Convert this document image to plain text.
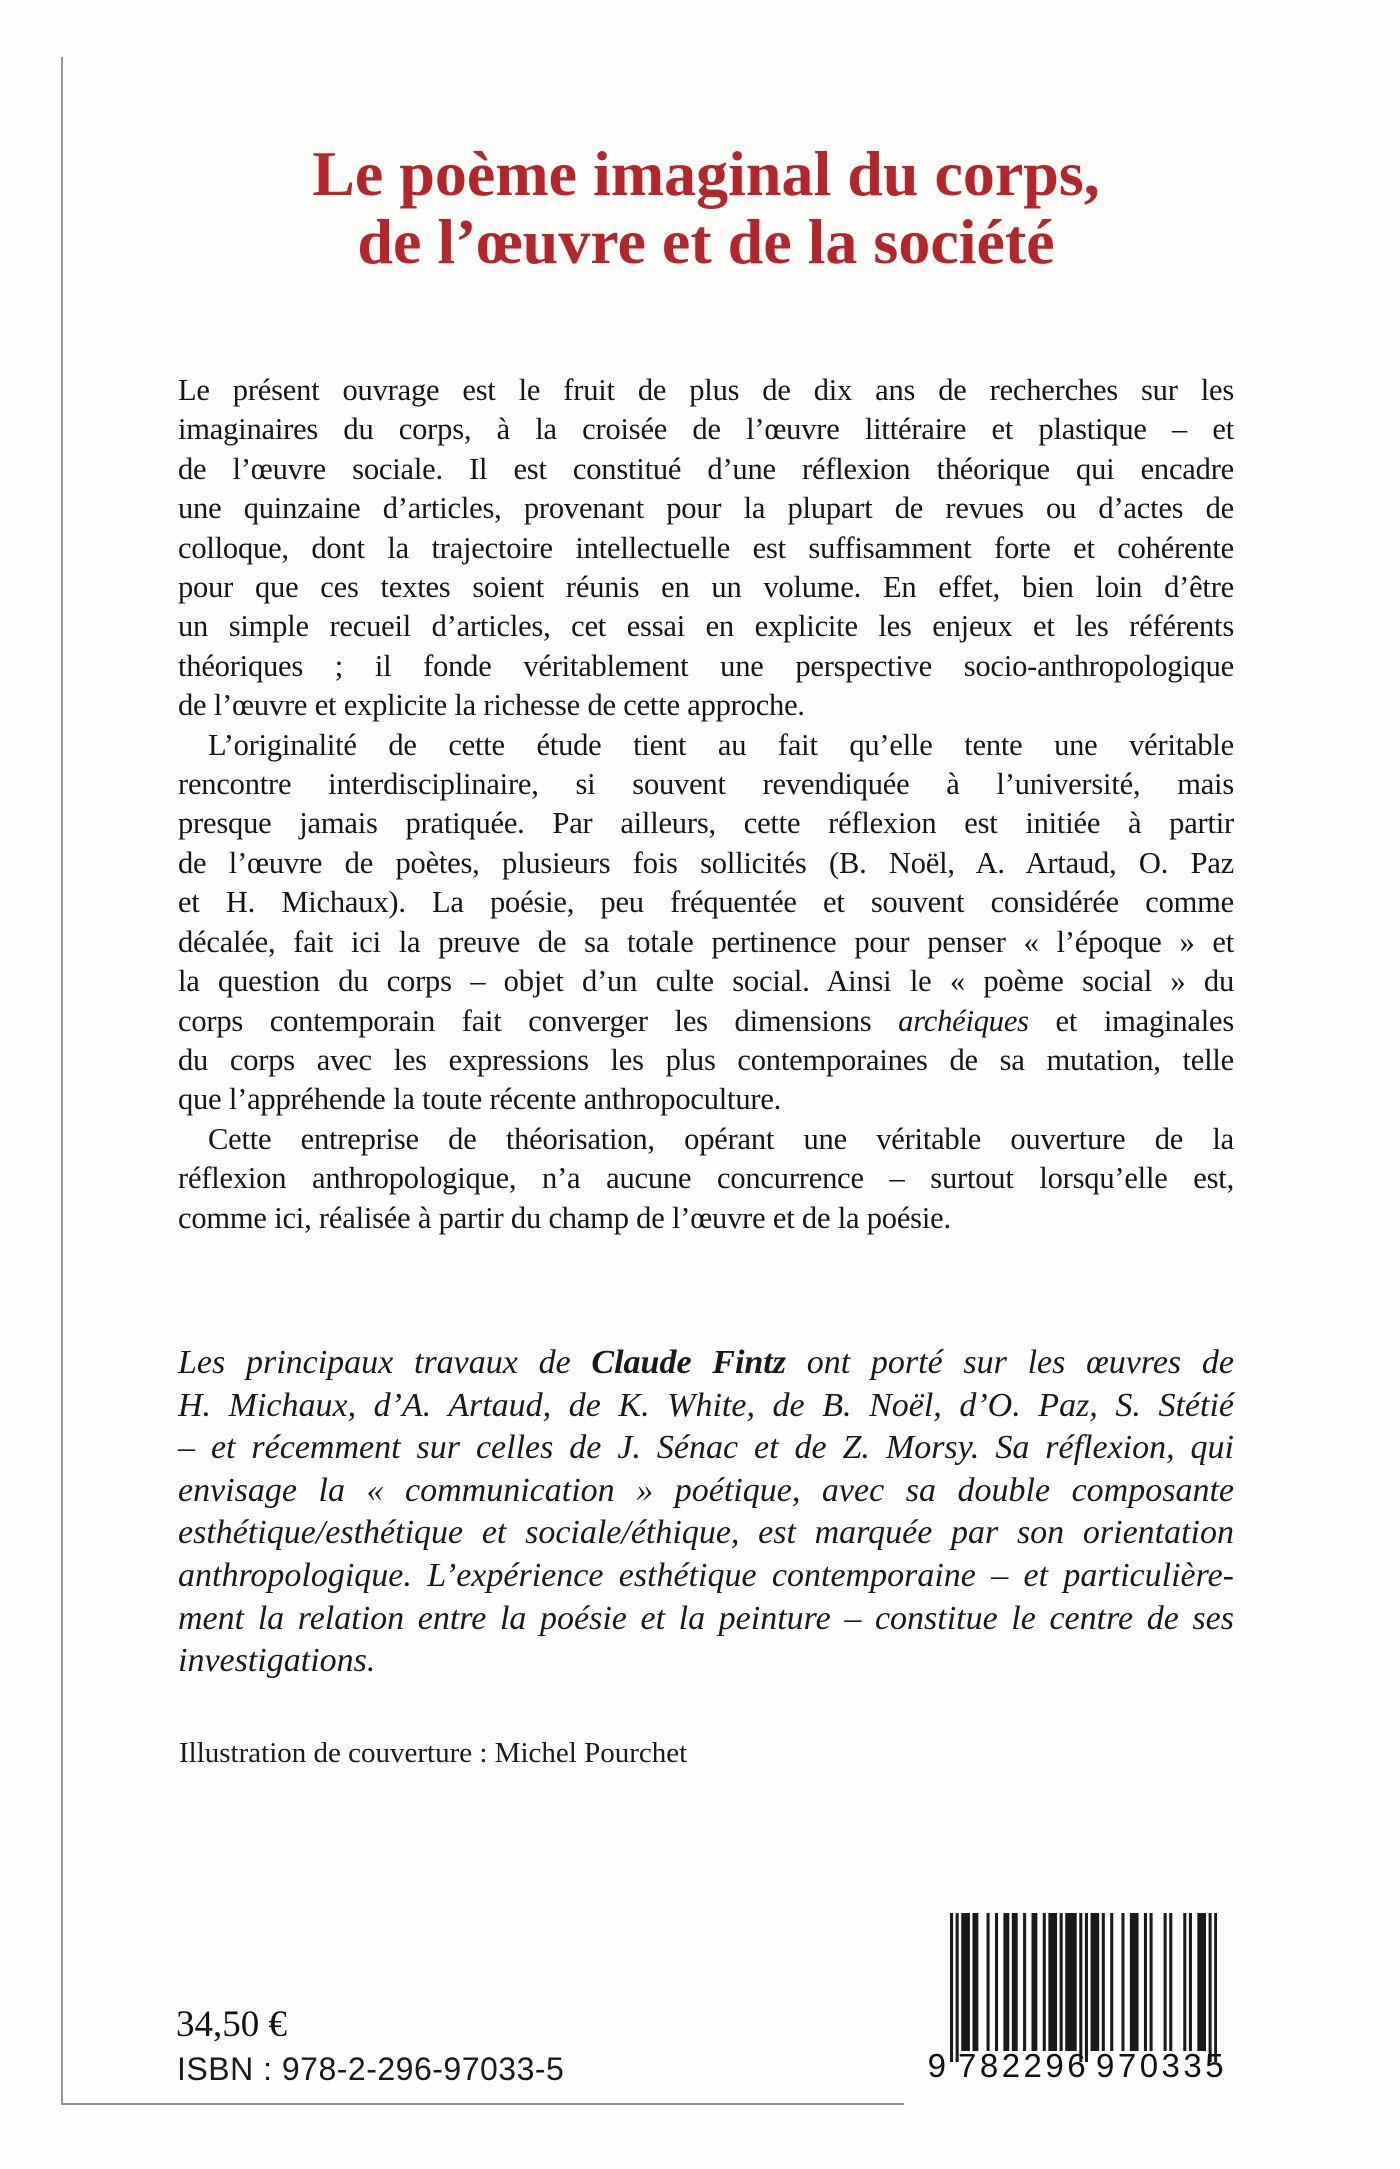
Le poème imaginal du corps,
de l’œuvre et de la société
Le présent ouvrage est le fruit de plus de dix ans de recherches sur les
imaginaires du corps, à la croisée de l’œuvre littéraire et plastique – et
de l’œuvre sociale. Il est constitué d’une réflexion théorique qui encadre
une quinzaine d’articles, provenant pour la plupart de revues ou d’actes de
colloque, dont la trajectoire intellectuelle est suffisamment forte et cohérente
pour que ces textes soient réunis en un volume. En effet, bien loin d’être
un simple recueil d’articles, cet essai en explicite les enjeux et les référents
théoriques ; il fonde véritablement une perspective socio-anthropologique
de l’œuvre et explicite la richesse de cette approche.
L’originalité de cette étude tient au fait qu’elle tente une véritable
rencontre interdisciplinaire, si souvent revendiquée à l’université, mais
presque jamais pratiquée. Par ailleurs, cette réflexion est initiée à partir
de l’œuvre de poètes, plusieurs fois sollicités (B. Noël, A. Artaud, O. Paz
et H. Michaux). La poésie, peu fréquentée et souvent considérée comme
décalée, fait ici la preuve de sa totale pertinence pour penser « l’époque » et
la question du corps – objet d’un culte social. Ainsi le « poème social » du
corps contemporain fait converger les dimensions archéiques et imaginales
du corps avec les expressions les plus contemporaines de sa mutation, telle
que l’appréhende la toute récente anthropoculture.
Cette entreprise de théorisation, opérant une véritable ouverture de la
réflexion anthropologique, n’a aucune concurrence – surtout lorsqu’elle est,
comme ici, réalisée à partir du champ de l’œuvre et de la poésie.
Les principaux travaux de Claude Fintz ont porté sur les œuvres de
H. Michaux, d’A. Artaud, de K. White, de B. Noël, d’O. Paz, S. Stétié
– et récemment sur celles de J. Sénac et de Z. Morsy. Sa réflexion, qui
envisage la « communication » poétique, avec sa double composante
esthétique/esthétique et sociale/éthique, est marquée par son orientation
anthropologique. L’expérience esthétique contemporaine – et particulière-
ment la relation entre la poésie et la peinture – constitue le centre de ses
investigations.
Illustration de couverture : Michel Pourchet
34,50 €
ISBN : 978-2-296-97033-5	9 782296 970335
